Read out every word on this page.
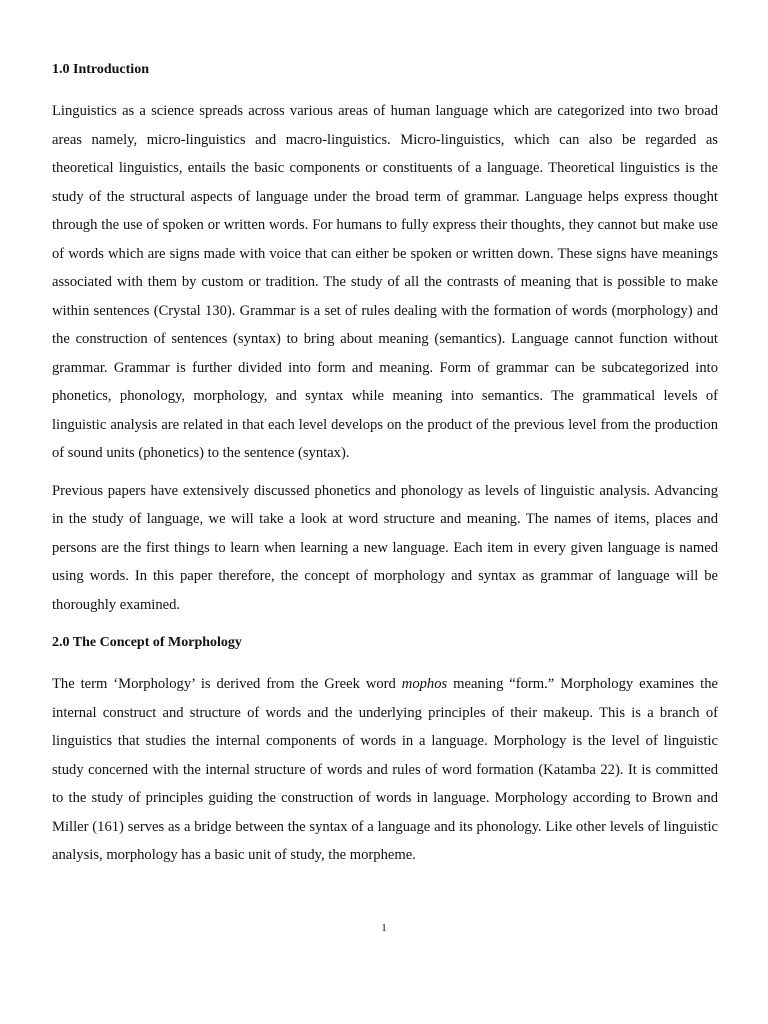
1.0 Introduction

Linguistics as a science spreads across various areas of human language which are categorized into two broad areas namely, micro-linguistics and macro-linguistics. Micro-linguistics, which can also be regarded as theoretical linguistics, entails the basic components or constituents of a language. Theoretical linguistics is the study of the structural aspects of language under the broad term of grammar. Language helps express thought through the use of spoken or written words. For humans to fully express their thoughts, they cannot but make use of words which are signs made with voice that can either be spoken or written down. These signs have meanings associated with them by custom or tradition. The study of all the contrasts of meaning that is possible to make within sentences (Crystal 130). Grammar is a set of rules dealing with the formation of words (morphology) and the construction of sentences (syntax) to bring about meaning (semantics). Language cannot function without grammar. Grammar is further divided into form and meaning. Form of grammar can be subcategorized into phonetics, phonology, morphology, and syntax while meaning into semantics. The grammatical levels of linguistic analysis are related in that each level develops on the product of the previous level from the production of sound units (phonetics) to the sentence (syntax).

Previous papers have extensively discussed phonetics and phonology as levels of linguistic analysis. Advancing in the study of language, we will take a look at word structure and meaning. The names of items, places and persons are the first things to learn when learning a new language. Each item in every given language is named using words. In this paper therefore, the concept of morphology and syntax as grammar of language will be thoroughly examined.

2.0 The Concept of Morphology

The term ‘Morphology’ is derived from the Greek word mophos meaning “form.” Morphology examines the internal construct and structure of words and the underlying principles of their makeup. This is a branch of linguistics that studies the internal components of words in a language. Morphology is the level of linguistic study concerned with the internal structure of words and rules of word formation (Katamba 22). It is committed to the study of principles guiding the construction of words in language. Morphology according to Brown and Miller (161) serves as a bridge between the syntax of a language and its phonology. Like other levels of linguistic analysis, morphology has a basic unit of study, the morpheme.

1
